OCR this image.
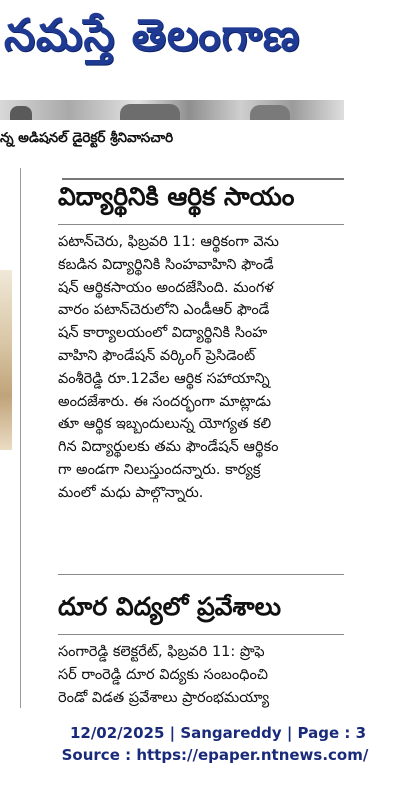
నమస్తే తెలంగాణ
న్న అడిషనల్ డైరెక్టర్ శ్రీనివాసచారి
విద్యార్థినికి ఆర్థిక సాయం
పటాన్‌చెరు, ఫిబ్రవరి 11: ఆర్థికంగా వెను
కబడిన విద్యార్థినికి సింహవాహిని ఫౌండే
షన్ ఆర్థికసాయం అందజేసింది. మంగళ
వారం పటాన్‌చెరులోని ఎండీఆర్ ఫౌండే
షన్ కార్యాలయంలో విద్యార్థినికి సింహ
వాహిని ఫౌండేషన్ వర్కింగ్ ప్రెసిడెంట్
వంశీరెడ్డి రూ.12వేల ఆర్థిక సహాయాన్ని
అందజేశారు. ఈ సందర్భంగా మాట్లాడు
తూ ఆర్థిక ఇబ్బందులున్న యోగ్యత కలి
గిన విద్యార్థులకు తమ ఫౌండేషన్ ఆర్థికం
గా అండగా నిలుస్తుందన్నారు. కార్యక్ర
మంలో మధు పాల్గొన్నారు.
దూర విద్యలో ప్రవేశాలు
సంగారెడ్డి కలెక్టరేట్, ఫిబ్రవరి 11: ప్రొఫె
సర్ రాంరెడ్డి దూర విద్యకు సంబంధించి
రెండో విడత ప్రవేశాలు ప్రారంభమయ్యా
12/02/2025 | Sangareddy | Page : 3
Source : https://epaper.ntnews.com/
